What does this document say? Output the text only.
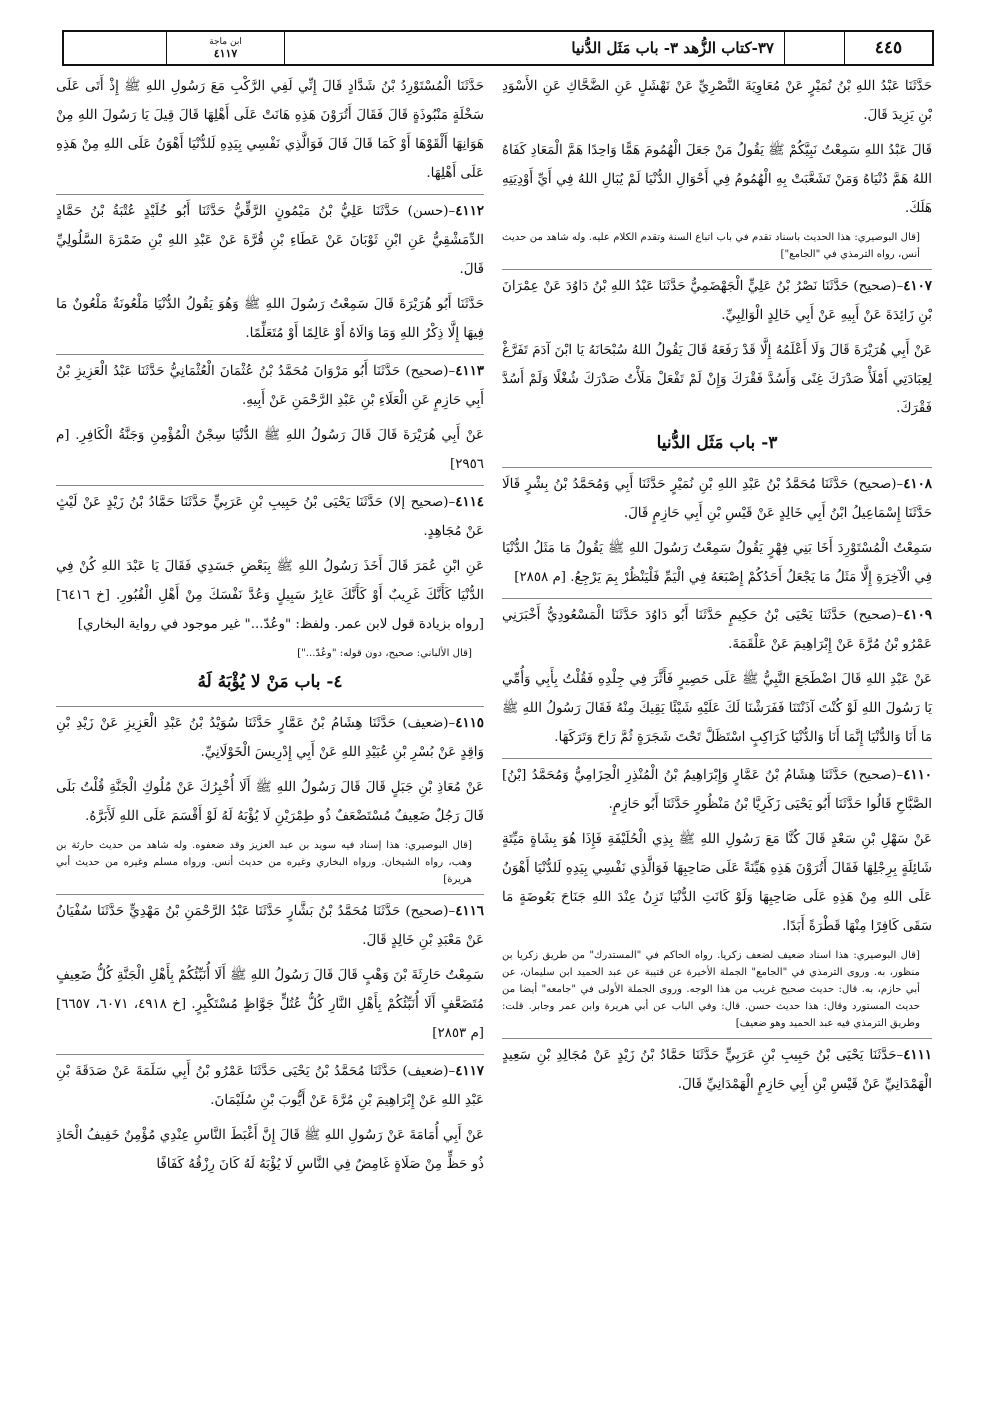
٤٤٥
٣٧-كتاب الزُّهد ٣- باب مَثَل الدُّنيا
ابن ماجة
٤١١٧

حَدَّثَنَا عَبْدُ اللهِ بْنُ نُمَيْرٍ عَنْ مُعَاوِيَةَ النَّصْرِيِّ عَنْ نَهْشَلٍ عَنِ الضَّحَّاكِ عَنِ الأَسْوَدِ بْنِ يَزِيدَ قَالَ.

قَالَ عَبْدُ اللهِ سَمِعْتُ نَبِيَّكُمْ ﷺ يَقُولُ مَنْ جَعَلَ الْهُمُومَ هَمًّا وَاحِدًا هَمَّ الْمَعَادِ كَفَاهُ اللهُ هَمَّ دُنْيَاهُ وَمَنْ تَشَعَّبَتْ بِهِ الْهُمُومُ فِي أَحْوَالِ الدُّنْيَا لَمْ يُبَالِ اللهُ فِي أَيِّ أَوْدِيَتِهِ هَلَكَ.

[قال البوصيري: هذا الحديث باسناد تقدم في باب اتباع السنة وتقدم الكلام عليه. وله شاهد من حديث أنس، رواه الترمذي في "الجامع"]

٤١٠٧–(صحيح) حَدَّثَنَا نَصْرُ بْنُ عَلِيٍّ الْجَهْضَمِيُّ حَدَّثَنَا عَبْدُ اللهِ بْنُ دَاوُدَ عَنْ عِمْرَانَ بْنِ زَائِدَةَ عَنْ أَبِيهِ عَنْ أَبِي خَالِدٍ الْوَالِبِيِّ.

عَنْ أَبِي هُرَيْرَةَ قَالَ وَلَا أَعْلَمُهُ إِلَّا قَدْ رَفَعَهُ قَالَ يَقُولُ اللهُ سُبْحَانَهُ يَا ابْنَ آدَمَ تَفَرَّغْ لِعِبَادَتِي أَمْلَأْ صَدْرَكَ غِنًى وَأَسُدَّ فَقْرَكَ وَإِنْ لَمْ تَفْعَلْ مَلَأْتُ صَدْرَكَ شُغْلًا وَلَمْ أَسُدَّ فَقْرَكَ.

٣- باب مَثَل الدُّنيا

٤١٠٨–(صحيح) حَدَّثَنَا مُحَمَّدُ بْنُ عَبْدِ اللهِ بْنِ نُمَيْرٍ حَدَّثَنَا أَبِي وَمُحَمَّدُ بْنُ بِشْرٍ قَالَا حَدَّثَنَا إِسْمَاعِيلُ ابْنُ أَبِي خَالِدٍ عَنْ قَيْسِ بْنِ أَبِي حَازِمٍ قَالَ.

سَمِعْتُ الْمُسْتَوْرِدَ أَخَا بَنِي فِهْرٍ يَقُولُ سَمِعْتُ رَسُولَ اللهِ ﷺ يَقُولُ مَا مَثَلُ الدُّنْيَا فِي الْآخِرَةِ إِلَّا مَثَلُ مَا يَجْعَلُ أَحَدُكُمْ إِصْبَعَهُ فِي الْيَمِّ فَلْيَنْظُرْ بِمَ يَرْجِعُ. [م ٢٨٥٨]

٤١٠٩–(صحيح) حَدَّثَنَا يَحْيَى بْنُ حَكِيمٍ حَدَّثَنَا أَبُو دَاوُدَ حَدَّثَنَا الْمَسْعُودِيُّ أَخْبَرَنِي عَمْرُو بْنُ مُرَّةَ عَنْ إِبْرَاهِيمَ عَنْ عَلْقَمَةَ.

عَنْ عَبْدِ اللهِ قَالَ اضْطَجَعَ النَّبِيُّ ﷺ عَلَى حَصِيرٍ فَأَثَّرَ فِي جِلْدِهِ فَقُلْتُ بِأَبِي وَأُمِّي يَا رَسُولَ اللهِ لَوْ كُنْتَ آذَنْتَنَا فَفَرَشْنَا لَكَ عَلَيْهِ شَيْئًا يَقِيكَ مِنْهُ فَقَالَ رَسُولُ اللهِ ﷺ مَا أَنَا وَالدُّنْيَا إِنَّمَا أَنَا وَالدُّنْيَا كَرَاكِبٍ اسْتَظَلَّ تَحْتَ شَجَرَةٍ ثُمَّ رَاحَ وَتَرَكَهَا.

٤١١٠–(صحيح) حَدَّثَنَا هِشَامُ بْنُ عَمَّارٍ وَإِبْرَاهِيمُ بْنُ الْمُنْذِرِ الْحِزَامِيُّ وَمُحَمَّدُ [بْنُ] الصَّبَّاحِ قَالُوا حَدَّثَنَا أَبُو يَحْيَى زَكَرِيَّا بْنُ مَنْظُورٍ حَدَّثَنَا أَبُو حَازِمٍ.

عَنْ سَهْلِ بْنِ سَعْدٍ قَالَ كُنَّا مَعَ رَسُولِ اللهِ ﷺ بِذِي الْحُلَيْفَةِ فَإِذَا هُوَ بِشَاةٍ مَيِّتَةٍ شَائِلَةٍ بِرِجْلِهَا فَقَالَ أَتُرَوْنَ هَذِهِ هَيِّنَةً عَلَى صَاحِبِهَا فَوَالَّذِي نَفْسِي بِيَدِهِ لَلدُّنْيَا أَهْوَنُ عَلَى اللهِ مِنْ هَذِهِ عَلَى صَاحِبِهَا وَلَوْ كَانَتِ الدُّنْيَا تَزِنُ عِنْدَ اللهِ جَنَاحَ بَعُوضَةٍ مَا سَقَى كَافِرًا مِنْهَا قَطْرَةً أَبَدًا.

[قال البوصيري: هذا اسناد ضعيف لضعف زكريا. رواه الحاكم في "المستدرك" من طريق زكريا بن منظور، به. وروى الترمذي في "الجامع" الجملة الأخيرة عن قتيبة عن عبد الحميد ابن سليمان، عن أبي حازم، به. قال: حديث صحيح غريب من هذا الوجه. وروى الجملة الأولى في "جامعه" أيضا من حديث المستورد وقال: هذا حديث حسن. قال: وفي الباب عن أبي هريرة وابن عمر وجابر. قلت: وطريق الترمذي فيه عبد الحميد وهو ضعيف]

٤١١١–حَدَّثَنَا يَحْيَى بْنُ حَبِيبِ بْنِ عَرَبِيٍّ حَدَّثَنَا حَمَّادُ بْنُ زَيْدٍ عَنْ مُجَالِدِ بْنِ سَعِيدٍ الْهَمْدَانِيِّ عَنْ قَيْسِ بْنِ أَبِي حَازِمٍ الْهَمْدَانِيِّ قَالَ.

حَدَّثَنَا الْمُسْتَوْرِدُ بْنُ شَدَّادٍ قَالَ إِنِّي لَفِي الرَّكْبِ مَعَ رَسُولِ اللهِ ﷺ إِذْ أَتَى عَلَى سَخْلَةٍ مَنْبُوذَةٍ قَالَ فَقَالَ أَتُرَوْنَ هَذِهِ هَانَتْ عَلَى أَهْلِهَا قَالَ قِيلَ يَا رَسُولَ اللهِ مِنْ هَوَانِهَا أَلْقَوْهَا أَوْ كَمَا قَالَ قَالَ فَوَالَّذِي نَفْسِي بِيَدِهِ لَلدُّنْيَا أَهْوَنُ عَلَى اللهِ مِنْ هَذِهِ عَلَى أَهْلِهَا.

٤١١٢–(حسن) حَدَّثَنَا عَلِيُّ بْنُ مَيْمُونٍ الرَّقِّيُّ حَدَّثَنَا أَبُو خُلَيْدٍ عُتْبَةُ بْنُ حَمَّادٍ الدِّمَشْقِيُّ عَنِ ابْنِ ثَوْبَانَ عَنْ عَطَاءِ بْنِ قُرَّةَ عَنْ عَبْدِ اللهِ بْنِ ضَمْرَةَ السَّلُولِيِّ قَالَ.

حَدَّثَنَا أَبُو هُرَيْرَةَ قَالَ سَمِعْتُ رَسُولَ اللهِ ﷺ وَهُوَ يَقُولُ الدُّنْيَا مَلْعُونَةٌ مَلْعُونٌ مَا فِيهَا إِلَّا ذِكْرُ اللهِ وَمَا وَالَاهُ أَوْ عَالِمًا أَوْ مُتَعَلِّمًا.

٤١١٣–(صحيح) حَدَّثَنَا أَبُو مَرْوَانَ مُحَمَّدُ بْنُ عُثْمَانَ الْعُثْمَانِيُّ حَدَّثَنَا عَبْدُ الْعَزِيزِ بْنُ أَبِي حَازِمٍ عَنِ الْعَلَاءِ بْنِ عَبْدِ الرَّحْمَنِ عَنْ أَبِيهِ.

عَنْ أَبِي هُرَيْرَةَ قَالَ قَالَ رَسُولُ اللهِ ﷺ الدُّنْيَا سِجْنُ الْمُؤْمِنِ وَجَنَّةُ الْكَافِرِ. [م ٢٩٥٦]

٤١١٤–(صحيح إلا) حَدَّثَنَا يَحْيَى بْنُ حَبِيبِ بْنِ عَرَبِيٍّ حَدَّثَنَا حَمَّادُ بْنُ زَيْدٍ عَنْ لَيْثٍ عَنْ مُجَاهِدٍ.

عَنِ ابْنِ عُمَرَ قَالَ أَخَذَ رَسُولُ اللهِ ﷺ بِبَعْضِ جَسَدِي فَقَالَ يَا عَبْدَ اللهِ كُنْ فِي الدُّنْيَا كَأَنَّكَ غَرِيبٌ أَوْ كَأَنَّكَ عَابِرُ سَبِيلٍ وَعُدَّ نَفْسَكَ مِنْ أَهْلِ الْقُبُورِ. [خ ٦٤١٦] [رواه بزيادة قول لابن عمر. ولفظ: "وعُدّ..." غير موجود في رواية البخاري]

[قال الألباني: صحيح، دون قوله: "وعُدّ..."]
٤- باب مَنْ لا يُؤْبَهُ لَهُ

٤١١٥–(ضعيف) حَدَّثَنَا هِشَامُ بْنُ عَمَّارٍ حَدَّثَنَا سُوَيْدُ بْنُ عَبْدِ الْعَزِيزِ عَنْ زَيْدِ بْنِ وَاقِدٍ عَنْ بُسْرِ بْنِ عُبَيْدِ اللهِ عَنْ أَبِي إِدْرِيسَ الْخَوْلَانِيِّ.

عَنْ مُعَاذِ بْنِ جَبَلٍ قَالَ قَالَ رَسُولُ اللهِ ﷺ أَلَا أُخْبِرُكَ عَنْ مُلُوكِ الْجَنَّةِ قُلْتُ بَلَى قَالَ رَجُلٌ ضَعِيفٌ مُسْتَضْعَفٌ ذُو طِمْرَيْنِ لَا يُؤْبَهُ لَهُ لَوْ أَقْسَمَ عَلَى اللهِ لَأَبَرَّهُ.

[قال البوصيري: هذا إسناد فيه سويد بن عبد العزيز وقد ضعفوه. وله شاهد من حديث حارثة بن وهب، رواه الشيخان. ورواه البخاري وغيره من حديث أنس. ورواه مسلم وغيره من حديث أبي هريرة]

٤١١٦–(صحيح) حَدَّثَنَا مُحَمَّدُ بْنُ بَشَّارٍ حَدَّثَنَا عَبْدُ الرَّحْمَنِ بْنُ مَهْدِيٍّ حَدَّثَنَا سُفْيَانُ عَنْ مَعْبَدِ بْنِ خَالِدٍ قَالَ.

سَمِعْتُ حَارِثَةَ بْنَ وَهْبٍ قَالَ قَالَ رَسُولُ اللهِ ﷺ أَلَا أُنَبِّئُكُمْ بِأَهْلِ الْجَنَّةِ كُلُّ ضَعِيفٍ مُتَضَعَّفٍ أَلَا أُنَبِّئُكُمْ بِأَهْلِ النَّارِ كُلُّ عُتُلٍّ جَوَّاظٍ مُسْتَكْبِرٍ. [خ ٤٩١٨، ٦٠٧١، ٦٦٥٧] [م ٢٨٥٣]

٤١١٧–(ضعيف) حَدَّثَنَا مُحَمَّدُ بْنُ يَحْيَى حَدَّثَنَا عَمْرُو بْنُ أَبِي سَلَمَةَ عَنْ صَدَقَةَ بْنِ عَبْدِ اللهِ عَنْ إِبْرَاهِيمَ بْنِ مُرَّةَ عَنْ أَيُّوبَ بْنِ سُلَيْمَانَ.

عَنْ أَبِي أُمَامَةَ عَنْ رَسُولِ اللهِ ﷺ قَالَ إِنَّ أَغْبَطَ النَّاسِ عِنْدِي مُؤْمِنٌ خَفِيفُ الْحَاذِ ذُو حَظٍّ مِنْ صَلَاةٍ غَامِضٌ فِي النَّاسِ لَا يُؤْبَهُ لَهُ كَانَ رِزْقُهُ كَفَافًا
